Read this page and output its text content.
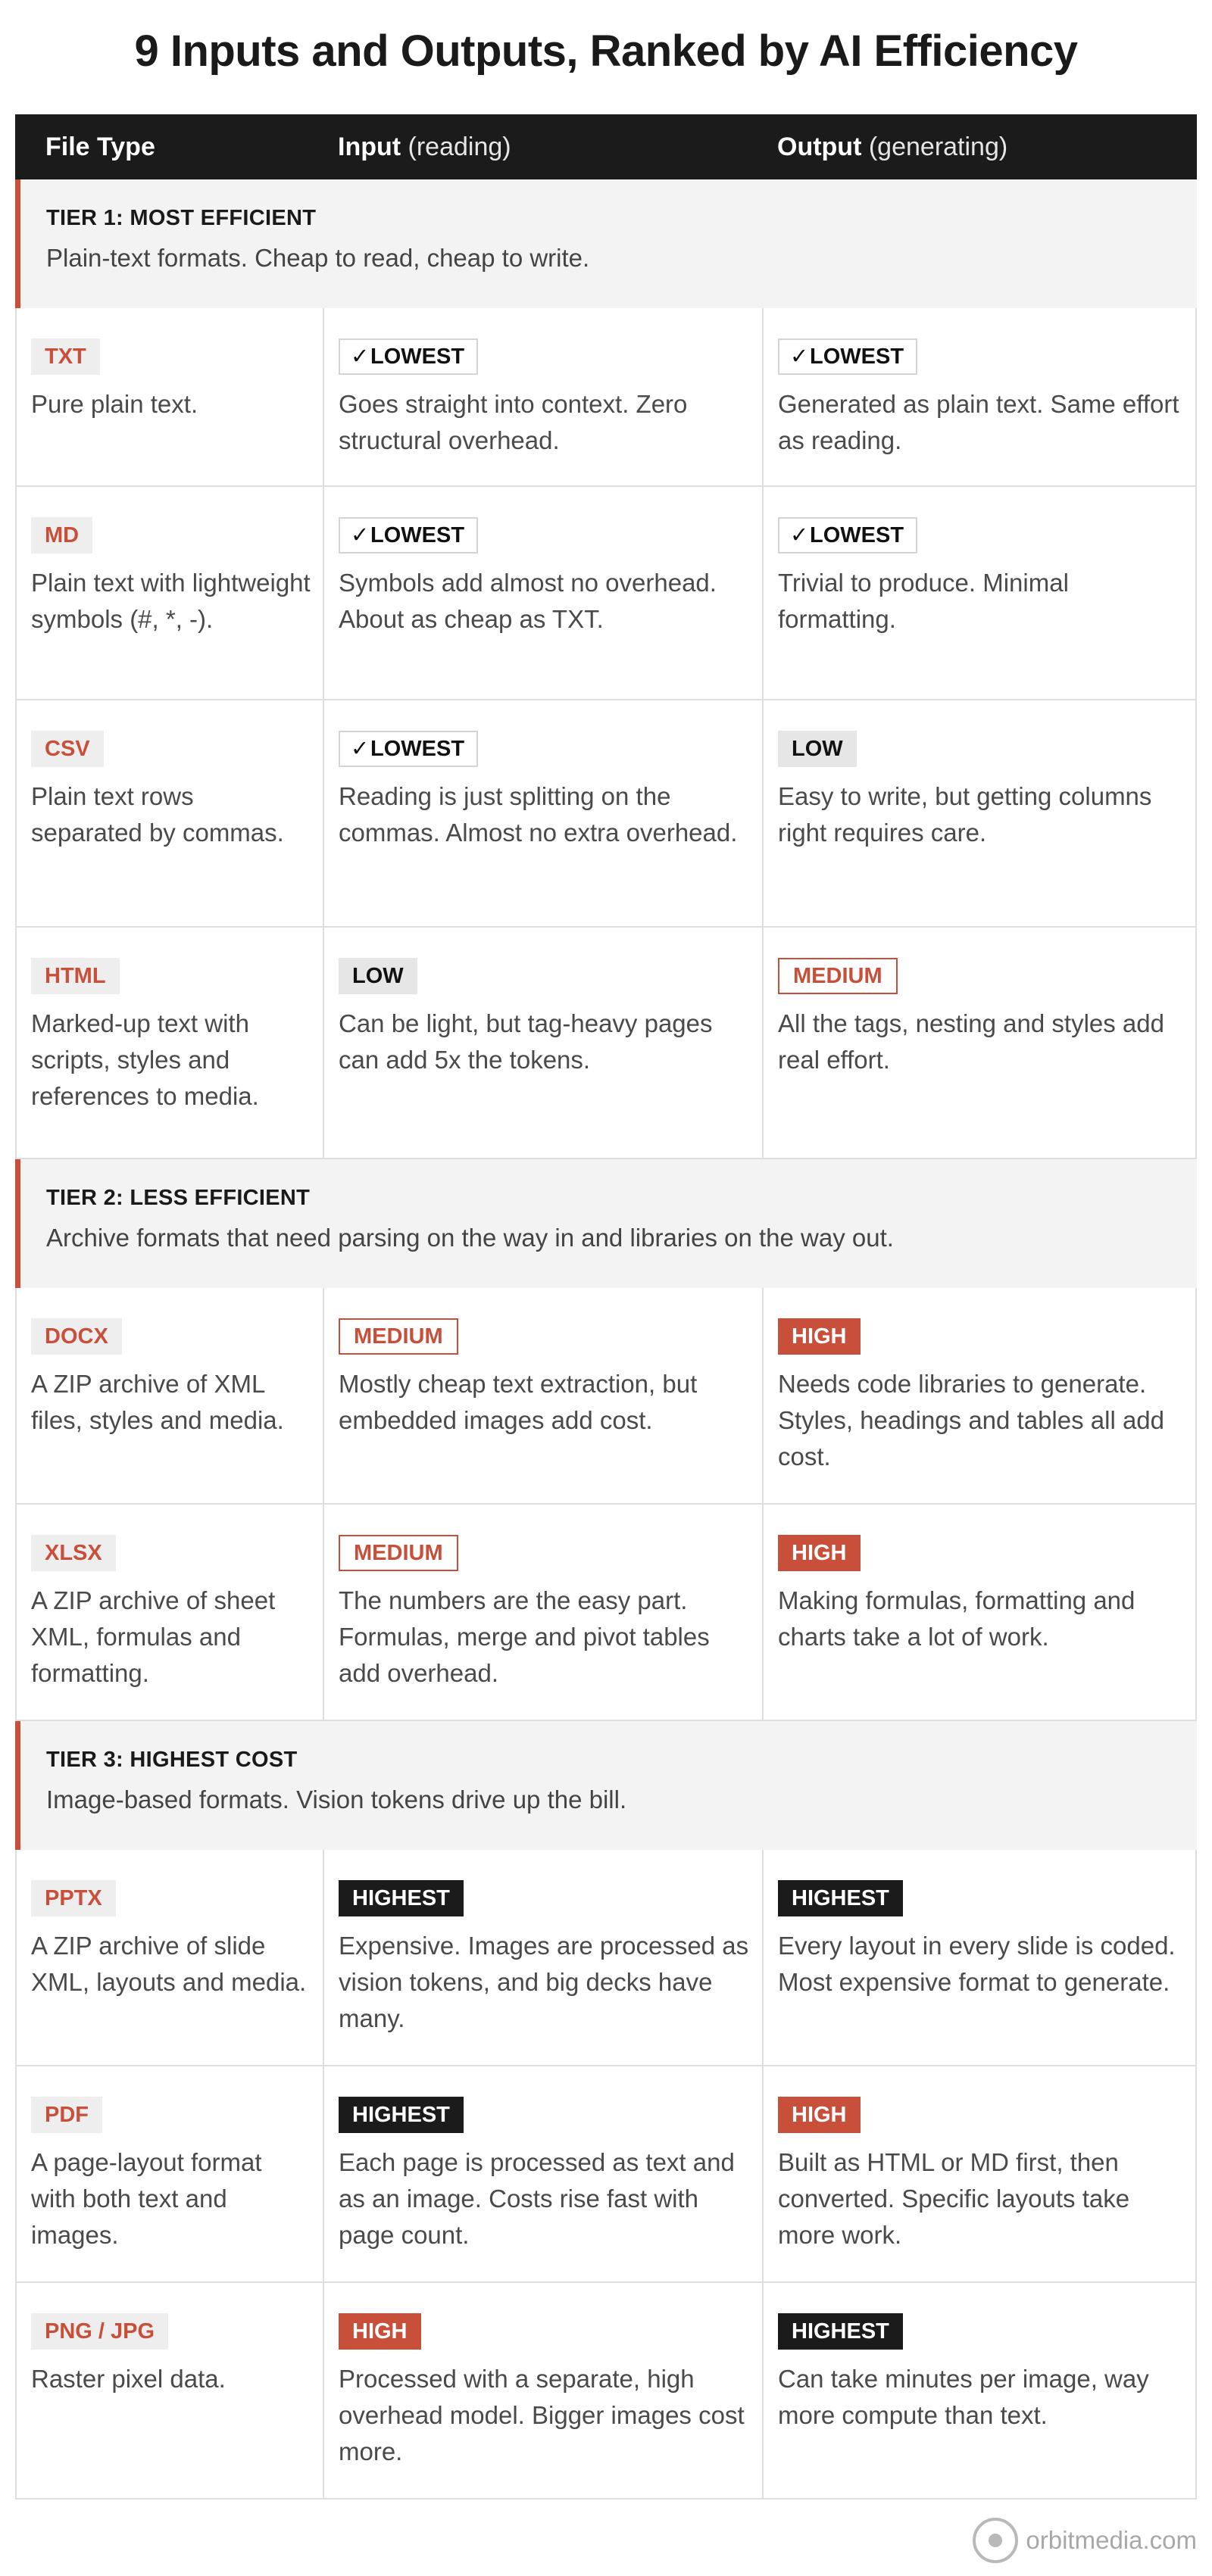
9 Inputs and Outputs, Ranked by AI Efficiency
File Type	Input (reading)	Output (generating)
TIER 1: MOST EFFICIENT
Plain-text formats. Cheap to read, cheap to write.
TXT
Pure plain text.
✓LOWEST
Goes straight into context. Zero structural overhead.
✓LOWEST
Generated as plain text. Same effort as reading.
MD
Plain text with lightweight symbols (#, *, -).
✓LOWEST
Symbols add almost no overhead. About as cheap as TXT.
✓LOWEST
Trivial to produce. Minimal formatting.
CSV
Plain text rows separated by commas.
✓LOWEST
Reading is just splitting on the commas. Almost no extra overhead.
LOW
Easy to write, but getting columns right requires care.
HTML
Marked-up text with scripts, styles and references to media.
LOW
Can be light, but tag-heavy pages can add 5x the tokens.
MEDIUM
All the tags, nesting and styles add real effort.
TIER 2: LESS EFFICIENT
Archive formats that need parsing on the way in and libraries on the way out.
DOCX
A ZIP archive of XML files, styles and media.
MEDIUM
Mostly cheap text extraction, but embedded images add cost.
HIGH
Needs code libraries to generate. Styles, headings and tables all add cost.
XLSX
A ZIP archive of sheet XML, formulas and formatting.
MEDIUM
The numbers are the easy part. Formulas, merge and pivot tables add overhead.
HIGH
Making formulas, formatting and charts take a lot of work.
TIER 3: HIGHEST COST
Image-based formats. Vision tokens drive up the bill.
PPTX
A ZIP archive of slide XML, layouts and media.
HIGHEST
Expensive. Images are processed as vision tokens, and big decks have many.
HIGHEST
Every layout in every slide is coded. Most expensive format to generate.
PDF
A page-layout format with both text and images.
HIGHEST
Each page is processed as text and as an image. Costs rise fast with page count.
HIGH
Built as HTML or MD first, then converted. Specific layouts take more work.
PNG / JPG
Raster pixel data.
HIGH
Processed with a separate, high overhead model. Bigger images cost more.
HIGHEST
Can take minutes per image, way more compute than text.
orbitmedia.com
